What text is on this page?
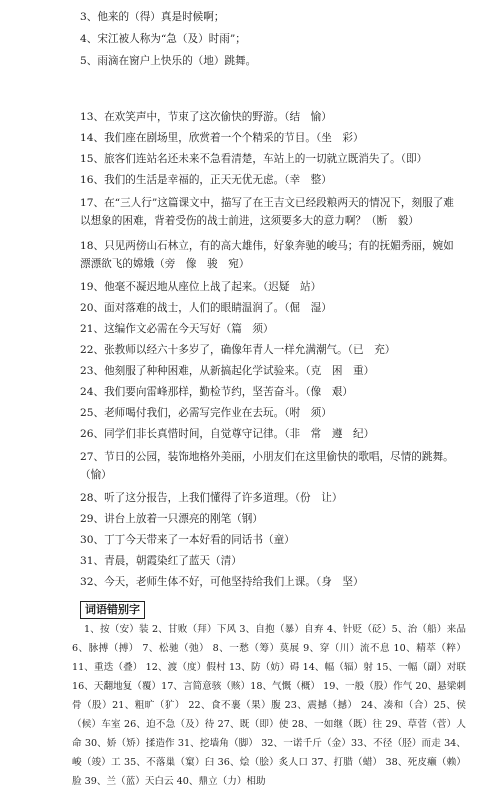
3、他来的（得）真是时候啊；
4、宋江被人称为“急（及）时雨”；
5、雨滴在窗户上快乐的（地）跳舞。
13、在欢笑声中，节束了这次偷快的野游。（结　愉）
14、我们座在剧场里，欣赏着一个个精采的节目。（坐　彩）
15、旅客们连站名还未来不急看清楚，车站上的一切就立既消失了。（即）
16、我们的生活是幸福的，正天无优无虑。（幸　整）
17、在“三人行”这篇课文中，描写了在王吉文已经段粮两天的情况下，刻服了难以想象的困难，背着受伤的战士前进，这须要多大的意力啊？（断　毅）
18、只见两傍山石林立，有的高大雄伟，好象奔驰的峻马；有的抚媚秀丽，婉如漂漂欲飞的嫦娥（旁　像　骏　宛）
19、他毫不凝迟地从座位上战了起来。（迟疑　站）
20、面对落难的战士，人们的眼睛温润了。（倔　湿）
21、这编作文必需在今天写好（篇　须）
22、张教师以经六十多岁了，确像年青人一样允满潮气。（已　充）
23、他刻服了种种困难，从新搞起化学试验来。（克　困　重）
24、我们要向雷峰那样，勤检节约，坚苦奋斗。（像　艰）
25、老师喝付我们，必需写完作业在去玩。（咐　须）
26、同学们非长真惜时间，自觉尊守记律。（非　常　遵　纪）
27、节日的公园，装饰地格外美丽，小朋友们在这里偷快的歌唱，尽情的跳舞。（愉）
词语错别字
1、按（安）装 2、甘败（拜）下风 3、自抱（暴）自弃 4、针贬（砭）5、治（船）来品 6、脉搏（搏） 7、松驰（弛） 8、一愁（筹）莫展 9、穿（川）流不息 10、精萃（粹）11、重迭（叠） 12、渡（度）假村 13、防（妨）碍 14、幅（辐）射 15、一幅（副）对联 16、天翻地复（覆）17、言简意骇（赅）18、气慨（概） 19、一般（股）作气 20、悬梁刺骨（股）21、粗旷（犷） 22、食不裹（果）腹 23、震撼（撼） 24、凑和（合）25、侯（候）车室 26、迫不急（及）待 27、既（即）使 28、一如继（既）往 29、草菅（菅）人命 30、娇（矫）揉造作 31、挖墙角（脚） 32、一诺千斤（金）33、不径（胫）而走 34、峻（竣）工 35、不落巢（窠）臼 36、烩（脍）炙人口 37、打腊（蜡） 38、死皮癞（赖）脸 39、兰（蓝）天白云 40、鼎立（力）相助
28、听了这分报告，上我们懂得了许多道理。（份　让）
29、讲台上放着一只漂亮的刚笔（钢）
30、丁丁今天带来了一本好看的同话书（童）
31、青晨，朝霞染红了蓝天（清）
32、今天，老师生体不好，可他坚持给我们上课。（身　坚）
